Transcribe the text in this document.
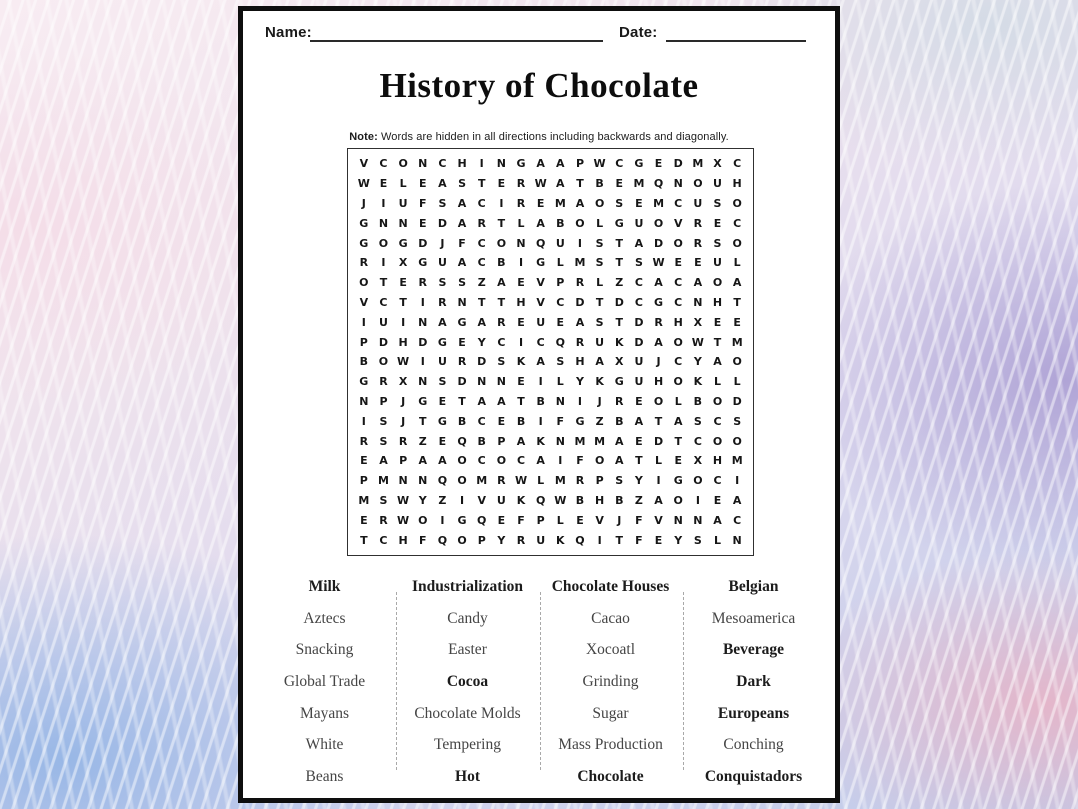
Name:	Date:
History of Chocolate

Note: Words are hidden in all directions including backwards and diagonally.

V	C O N	C	H	I	N G A	A	P W C	G	E	D M X	C
W E	L	E	A	S	T	E	R W A	T	B	E M Q N O U H
J	I	U	F	S	A	C	I	R	E M A O	S	E M C	U	S	O
G N N	E	D A	R	T	L	A	B O	L	G U O V	R	E	C
G O G D	J	F	C O N Q U	I	S	T	A D O R	S	O
R	I	X G U A	C	B	I	G	L M S	T	S W E	E	U	L
O	T	E	R	S	S	Z	A	E	V	P	R	L	Z	C	A	C	A O A
V	C	T	I	R N	T	T	H V	C	D	T	D	C	G	C	N H	T
I	U	I	N A G A	R	E	U	E	A	S	T	D R H X	E	E
P	D H D G	E	Y	C	I	C Q R U K D A O W T M
B O W	I	U R D	S	K	A	S	H A	X U	J	C	Y	A O
G R	X N	S	D N N	E	I	L	Y	K G U H O K	L	L
N	P	J	G	E	T	A	A	T	B N	I	J	R	E	O	L	B O D
I	S	J	T	G B	C	E	B	I	F	G	Z	B	A	T	A	S	C	S
R	S	R	Z	E	Q B	P	A	K N M M A	E	D	T	C O O
E	A	P	A	A O C O C	A	I	F	O A	T	L	E	X H M
P M N N Q O M R W L M R	P	S	Y	I	G O C	I
M S W Y	Z	I	V U K Q W B H B	Z	A O	I	E	A
E	R W O	I	G Q	E	F	P	L	E	V	J	F	V N N A	C
T	C	H	F	Q O P	Y	R U K Q	I	T	F	E	Y	S	L	N
Milk
Aztecs
Snacking
Global Trade
Mayans
White
Beans
Industrialization
Candy
Easter
Cocoa
Chocolate Molds
Tempering
Hot
Chocolate Houses
Cacao
Xocoatl
Grinding
Sugar
Mass Production
Chocolate
Belgian
Mesoamerica
Beverage
Dark
Europeans
Conching
Conquistadors
